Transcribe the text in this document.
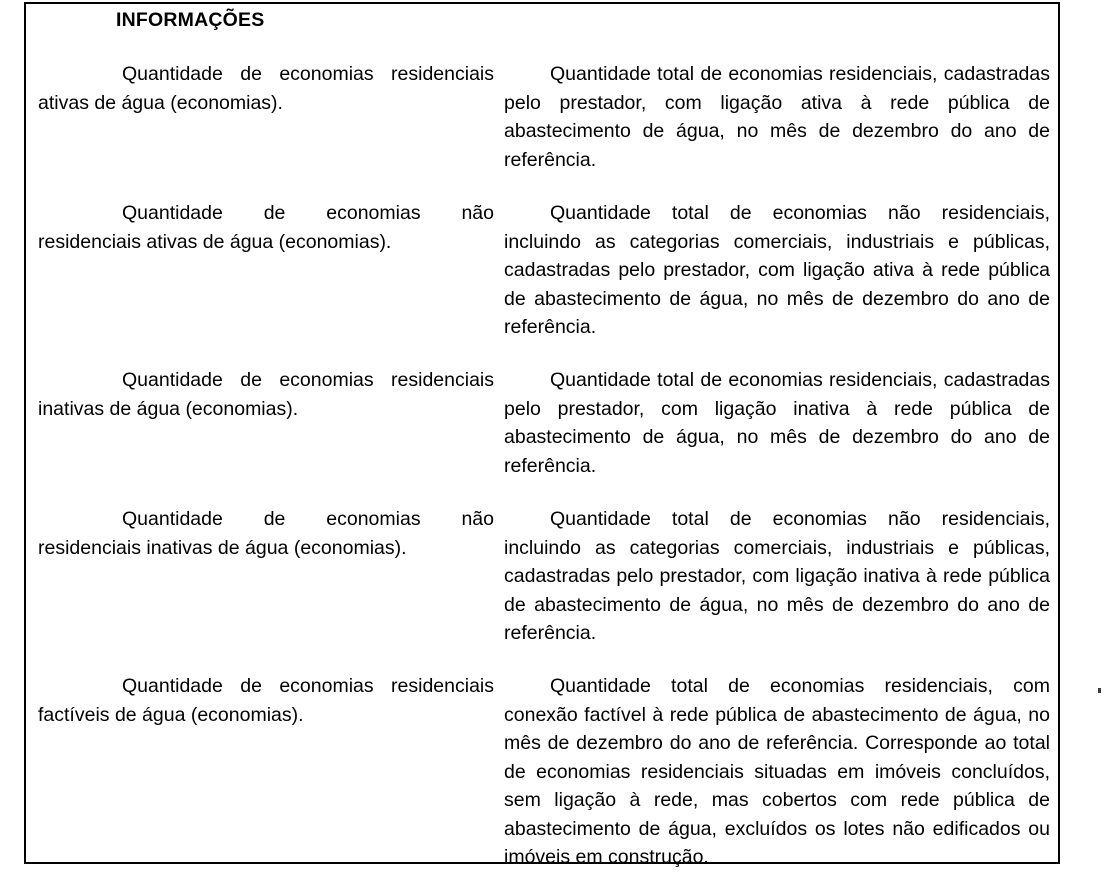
INFORMAÇÕES

Quantidade de economias residenciais ativas de água (economias).

Quantidade total de economias residenciais, cadastradas pelo prestador, com ligação ativa à rede pública de abastecimento de água, no mês de dezembro do ano de referência.

Quantidade de economias não residenciais ativas de água (economias).

Quantidade total de economias não residenciais, incluindo as categorias comerciais, industriais e públicas, cadastradas pelo prestador, com ligação ativa à rede pública de abastecimento de água, no mês de dezembro do ano de referência.

Quantidade de economias residenciais inativas de água (economias).

Quantidade total de economias residenciais, cadastradas pelo prestador, com ligação inativa à rede pública de abastecimento de água, no mês de dezembro do ano de referência.

Quantidade de economias não residenciais inativas de água (economias).

Quantidade total de economias não residenciais, incluindo as categorias comerciais, industriais e públicas, cadastradas pelo prestador, com ligação inativa à rede pública de abastecimento de água, no mês de dezembro do ano de referência.

Quantidade de economias residenciais factíveis de água (economias).

Quantidade total de economias residenciais, com conexão factível à rede pública de abastecimento de água, no mês de dezembro do ano de referência. Corresponde ao total de economias residenciais situadas em imóveis concluídos, sem ligação à rede, mas cobertos com rede pública de abastecimento de água, excluídos os lotes não edificados ou imóveis em construção.
